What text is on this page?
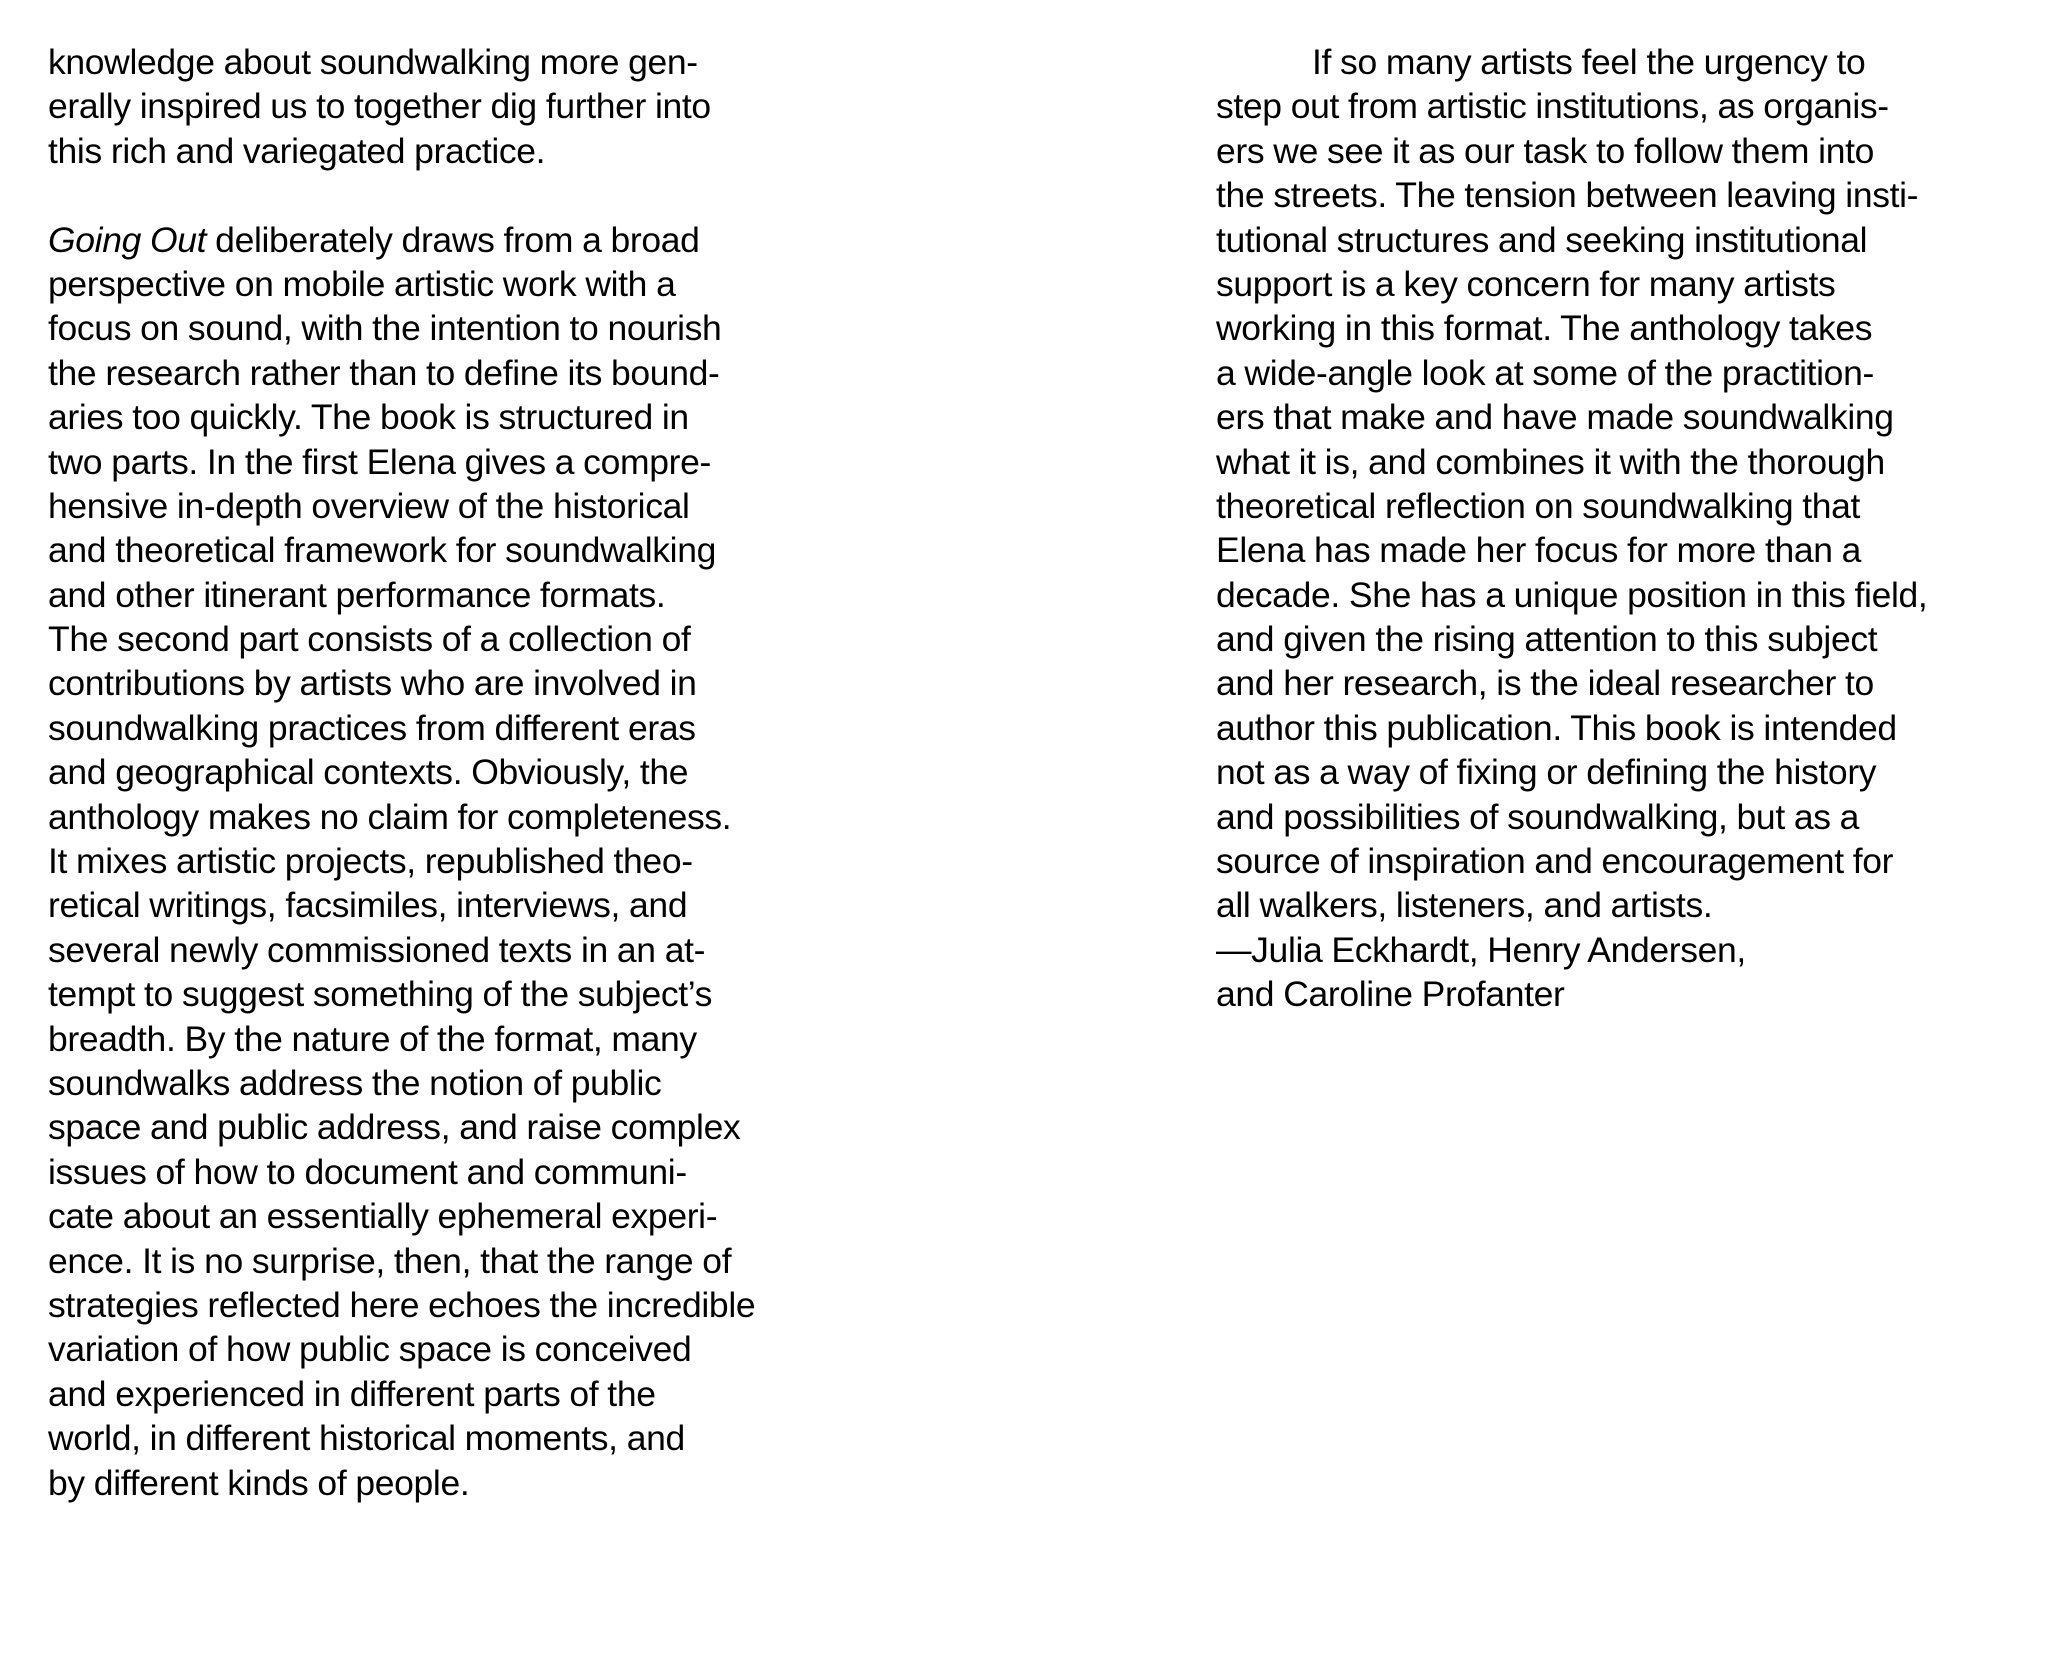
knowledge about soundwalking more gen-
erally inspired us to together dig further into
this rich and variegated practice.
Going Out deliberately draws from a broad
perspective on mobile artistic work with a
focus on sound, with the intention to nourish
the research rather than to define its bound-
aries too quickly. The book is structured in
two parts. In the first Elena gives a compre-
hensive in-depth overview of the historical
and theoretical framework for soundwalking
and other itinerant performance formats.
The second part consists of a collection of
contributions by artists who are involved in
soundwalking practices from different eras
and geographical contexts. Obviously, the
anthology makes no claim for completeness.
It mixes artistic projects, republished theo-
retical writings, facsimiles, interviews, and
several newly commissioned texts in an at-
tempt to suggest something of the subject’s
breadth. By the nature of the format, many
soundwalks address the notion of public
space and public address, and raise complex
issues of how to document and communi-
cate about an essentially ephemeral experi-
ence. It is no surprise, then, that the range of
strategies reflected here echoes the incredible
variation of how public space is conceived
and experienced in different parts of the
world, in different historical moments, and
by different kinds of people.
If so many artists feel the urgency to
step out from artistic institutions, as organis-
ers we see it as our task to follow them into
the streets. The tension between leaving insti-
tutional structures and seeking institutional
support is a key concern for many artists
working in this format. The anthology takes
a wide-angle look at some of the practition-
ers that make and have made soundwalking
what it is, and combines it with the thorough
theoretical reflection on soundwalking that
Elena has made her focus for more than a
decade. She has a unique position in this field,
and given the rising attention to this subject
and her research, is the ideal researcher to
author this publication. This book is intended
not as a way of fixing or defining the history
and possibilities of soundwalking, but as a
source of inspiration and encouragement for
all walkers, listeners, and artists.
—Julia Eckhardt, Henry Andersen,
and Caroline Profanter
